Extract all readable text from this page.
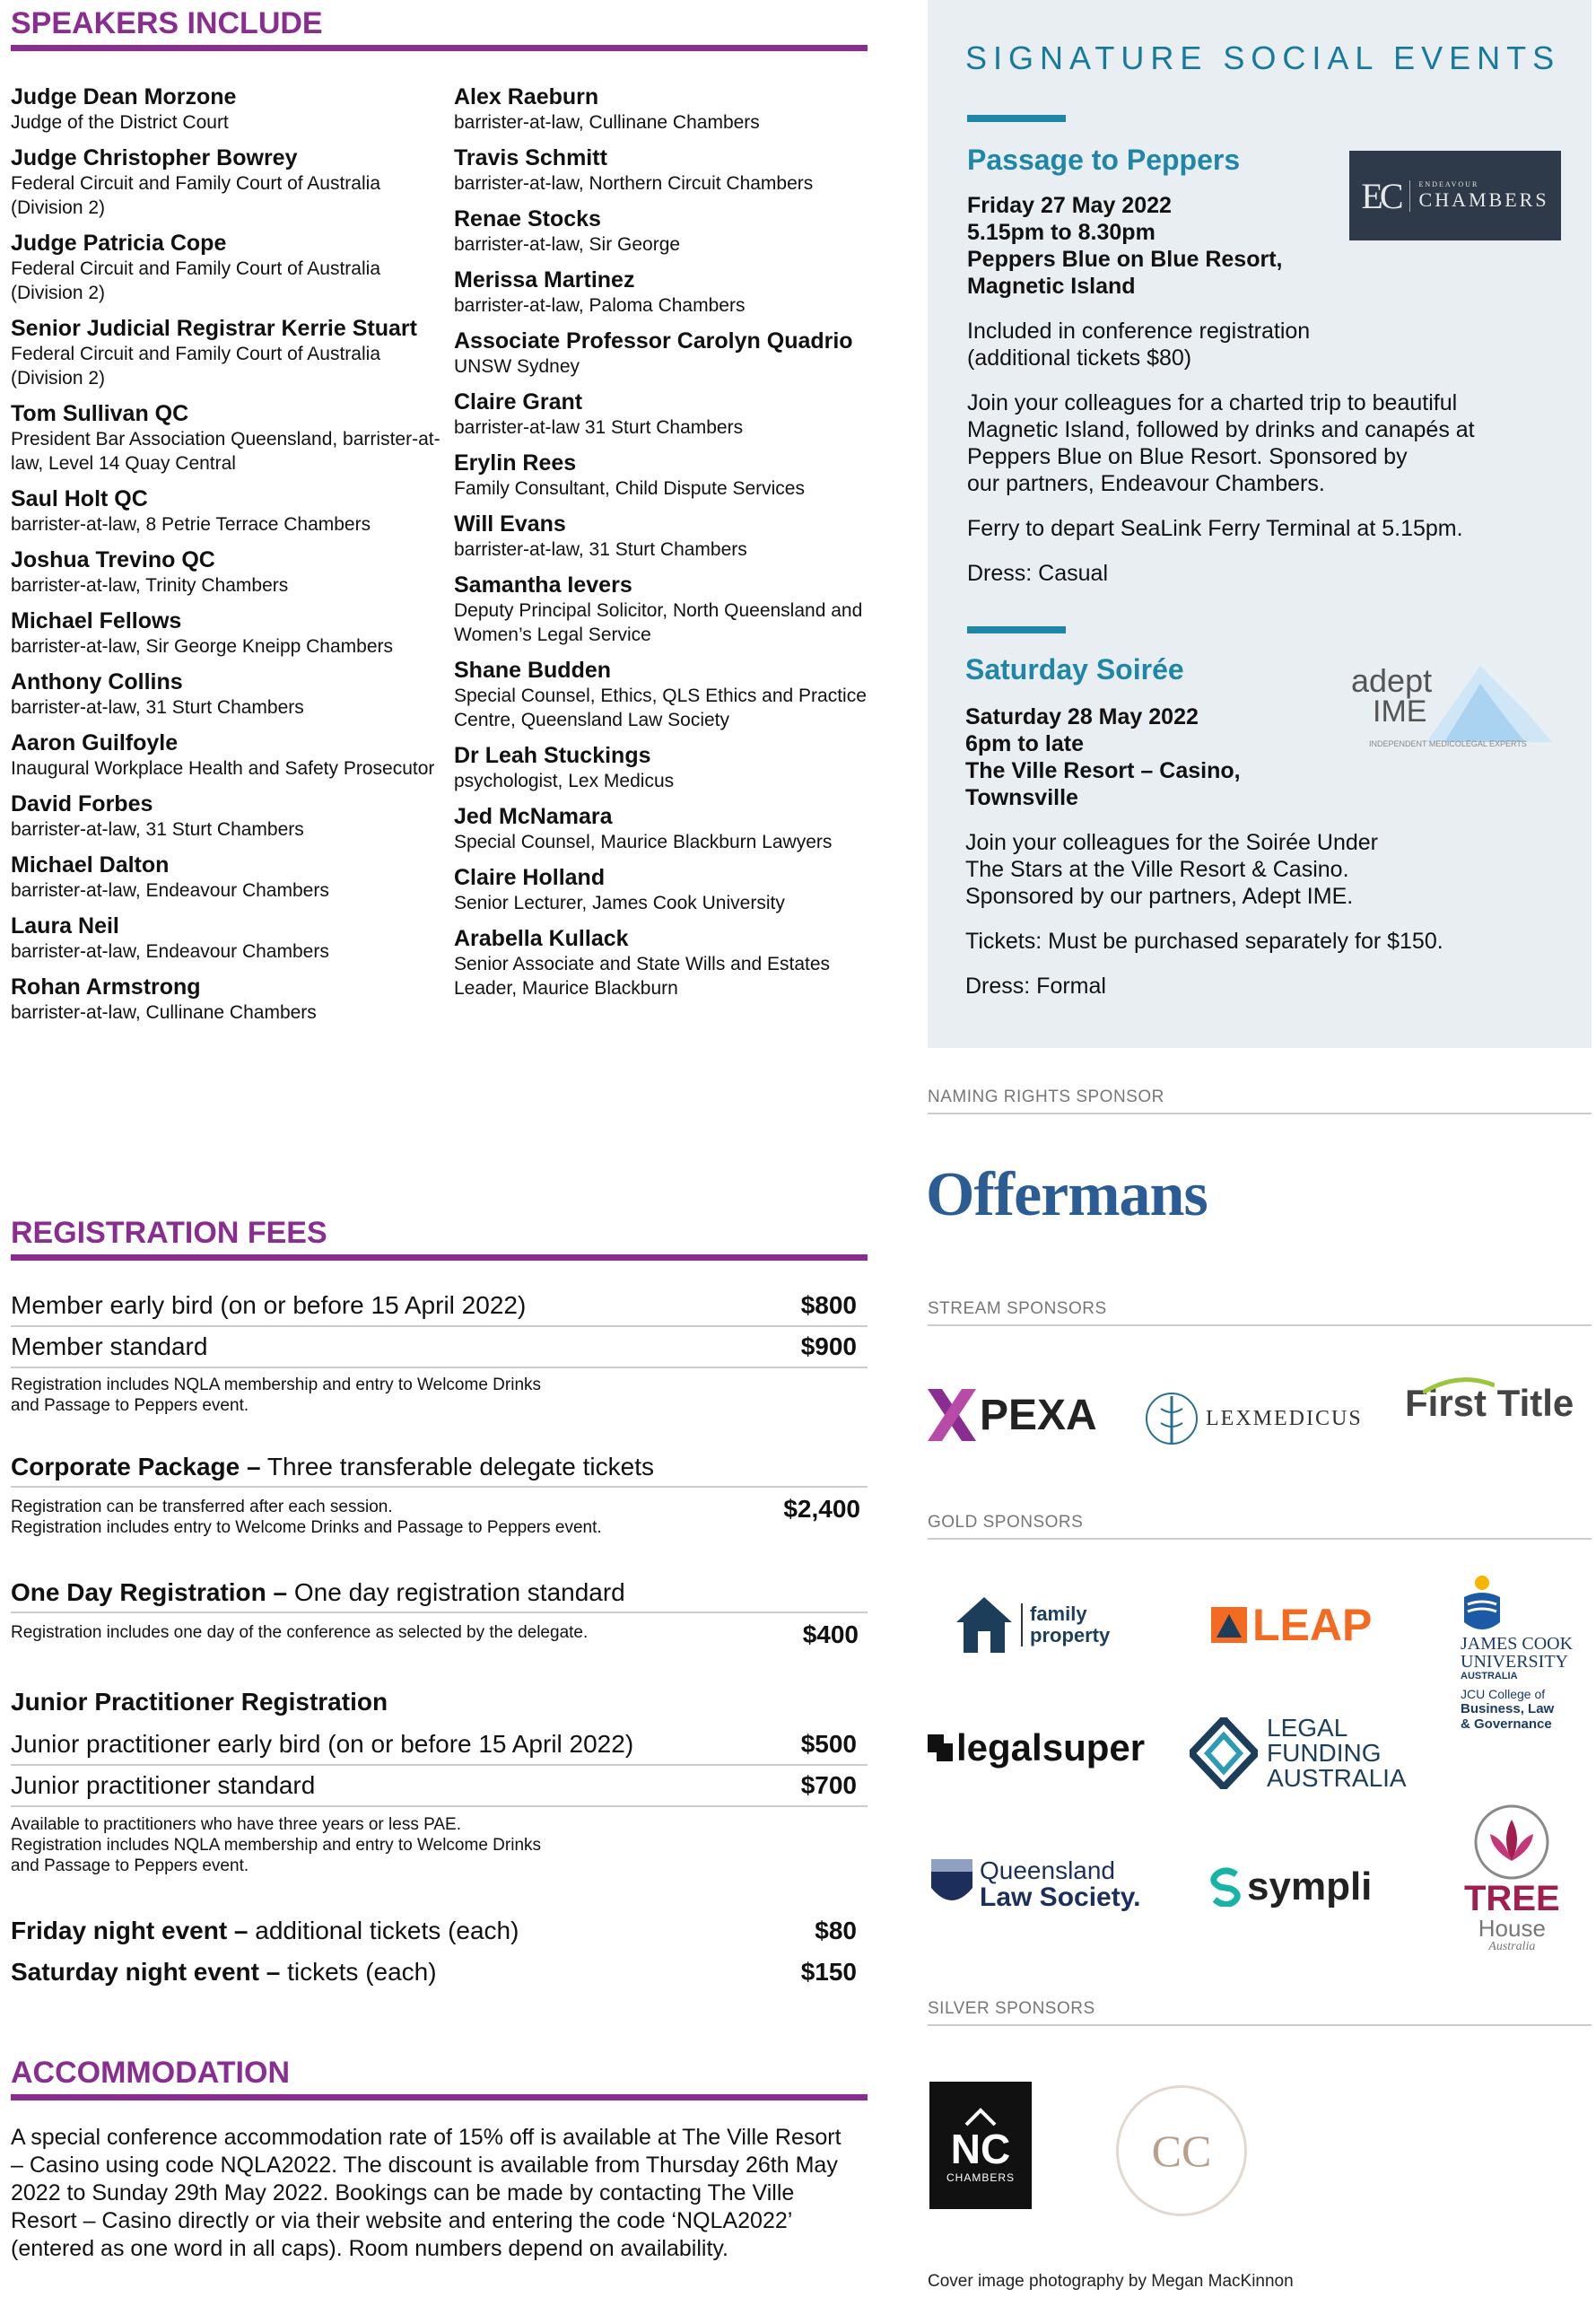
SPEAKERS INCLUDE
Judge Dean Morzone
Judge of the District Court
Judge Christopher Bowrey
Federal Circuit and Family Court of Australia (Division 2)
Judge Patricia Cope
Federal Circuit and Family Court of Australia (Division 2)
Senior Judicial Registrar Kerrie Stuart
Federal Circuit and Family Court of Australia (Division 2)
Tom Sullivan QC
President Bar Association Queensland, barrister-at-law, Level 14 Quay Central
Saul Holt QC
barrister-at-law, 8 Petrie Terrace Chambers
Joshua Trevino QC
barrister-at-law, Trinity Chambers
Michael Fellows
barrister-at-law, Sir George Kneipp Chambers
Anthony Collins
barrister-at-law, 31 Sturt Chambers
Aaron Guilfoyle
Inaugural Workplace Health and Safety Prosecutor
David Forbes
barrister-at-law, 31 Sturt Chambers
Michael Dalton
barrister-at-law, Endeavour Chambers
Laura Neil
barrister-at-law, Endeavour Chambers
Rohan Armstrong
barrister-at-law, Cullinane Chambers
Alex Raeburn
barrister-at-law, Cullinane Chambers
Travis Schmitt
barrister-at-law, Northern Circuit Chambers
Renae Stocks
barrister-at-law, Sir George
Merissa Martinez
barrister-at-law, Paloma Chambers
Associate Professor Carolyn Quadrio
UNSW Sydney
Claire Grant
barrister-at-law 31 Sturt Chambers
Erylin Rees
Family Consultant, Child Dispute Services
Will Evans
barrister-at-law, 31 Sturt Chambers
Samantha Ievers
Deputy Principal Solicitor, North Queensland and Women’s Legal Service
Shane Budden
Special Counsel, Ethics, QLS Ethics and Practice Centre, Queensland Law Society
Dr Leah Stuckings
psychologist, Lex Medicus
Jed McNamara
Special Counsel, Maurice Blackburn Lawyers
Claire Holland
Senior Lecturer, James Cook University
Arabella Kullack
Senior Associate and State Wills and Estates Leader, Maurice Blackburn
REGISTRATION FEES
Member early bird (on or before 15 April 2022)	$800
Member standard	$900
Registration includes NQLA membership and entry to Welcome Drinks
and Passage to Peppers event.
Corporate Package – Three transferable delegate tickets
Registration can be transferred after each session.
Registration includes entry to Welcome Drinks and Passage to Peppers event.
$2,400
One Day Registration – One day registration standard
Registration includes one day of the conference as selected by the delegate.	$400
Junior Practitioner Registration
Junior practitioner early bird (on or before 15 April 2022)	$500
Junior practitioner standard	$700
Available to practitioners who have three years or less PAE.
Registration includes NQLA membership and entry to Welcome Drinks
and Passage to Peppers event.
Friday night event – additional tickets (each)	$80
Saturday night event – tickets (each)	$150
ACCOMMODATION
A special conference accommodation rate of 15% off is available at The Ville Resort – Casino using code NQLA2022. The discount is available from Thursday 26th May 2022 to Sunday 29th May 2022. Bookings can be made by contacting The Ville Resort – Casino directly or via their website and entering the code ‘NQLA2022’ (entered as one word in all caps). Room numbers depend on availability.
SIGNATURE SOCIAL EVENTS
Passage to Peppers
Friday 27 May 2022
5.15pm to 8.30pm
Peppers Blue on Blue Resort,
Magnetic Island
Included in conference registration
(additional tickets $80)
Join your colleagues for a charted trip to beautiful
Magnetic Island, followed by drinks and canapés at
Peppers Blue on Blue Resort. Sponsored by
our partners, Endeavour Chambers.
Ferry to depart SeaLink Ferry Terminal at 5.15pm.
Dress: Casual
Saturday Soirée
Saturday 28 May 2022
6pm to late
The Ville Resort – Casino,
Townsville
Join your colleagues for the Soirée Under
The Stars at the Ville Resort & Casino.
Sponsored by our partners, Adept IME.
Tickets: Must be purchased separately for $150.
Dress: Formal
EC	ENDEAVOUR
CHAMBERS
adept
IME
INDEPENDENT MEDICOLEGAL EXPERTS
NAMING RIGHTS SPONSOR
Offermans
STREAM SPONSORS
PEXA	LEXMEDICUS First Title
GOLD SPONSORS
family
property	LEAP	JAMES COOK
UNIVERSITY
AUSTRALIA
JCU College of
Business, Law
& Governance
legalsuper	LEGAL
FUNDING
AUSTRALIA
Queensland
Law Society.	sympli	TREE
House
Australia
SILVER SPONSORS
NC
CHAMBERS
CC
Cover image photography by Megan MacKinnon
